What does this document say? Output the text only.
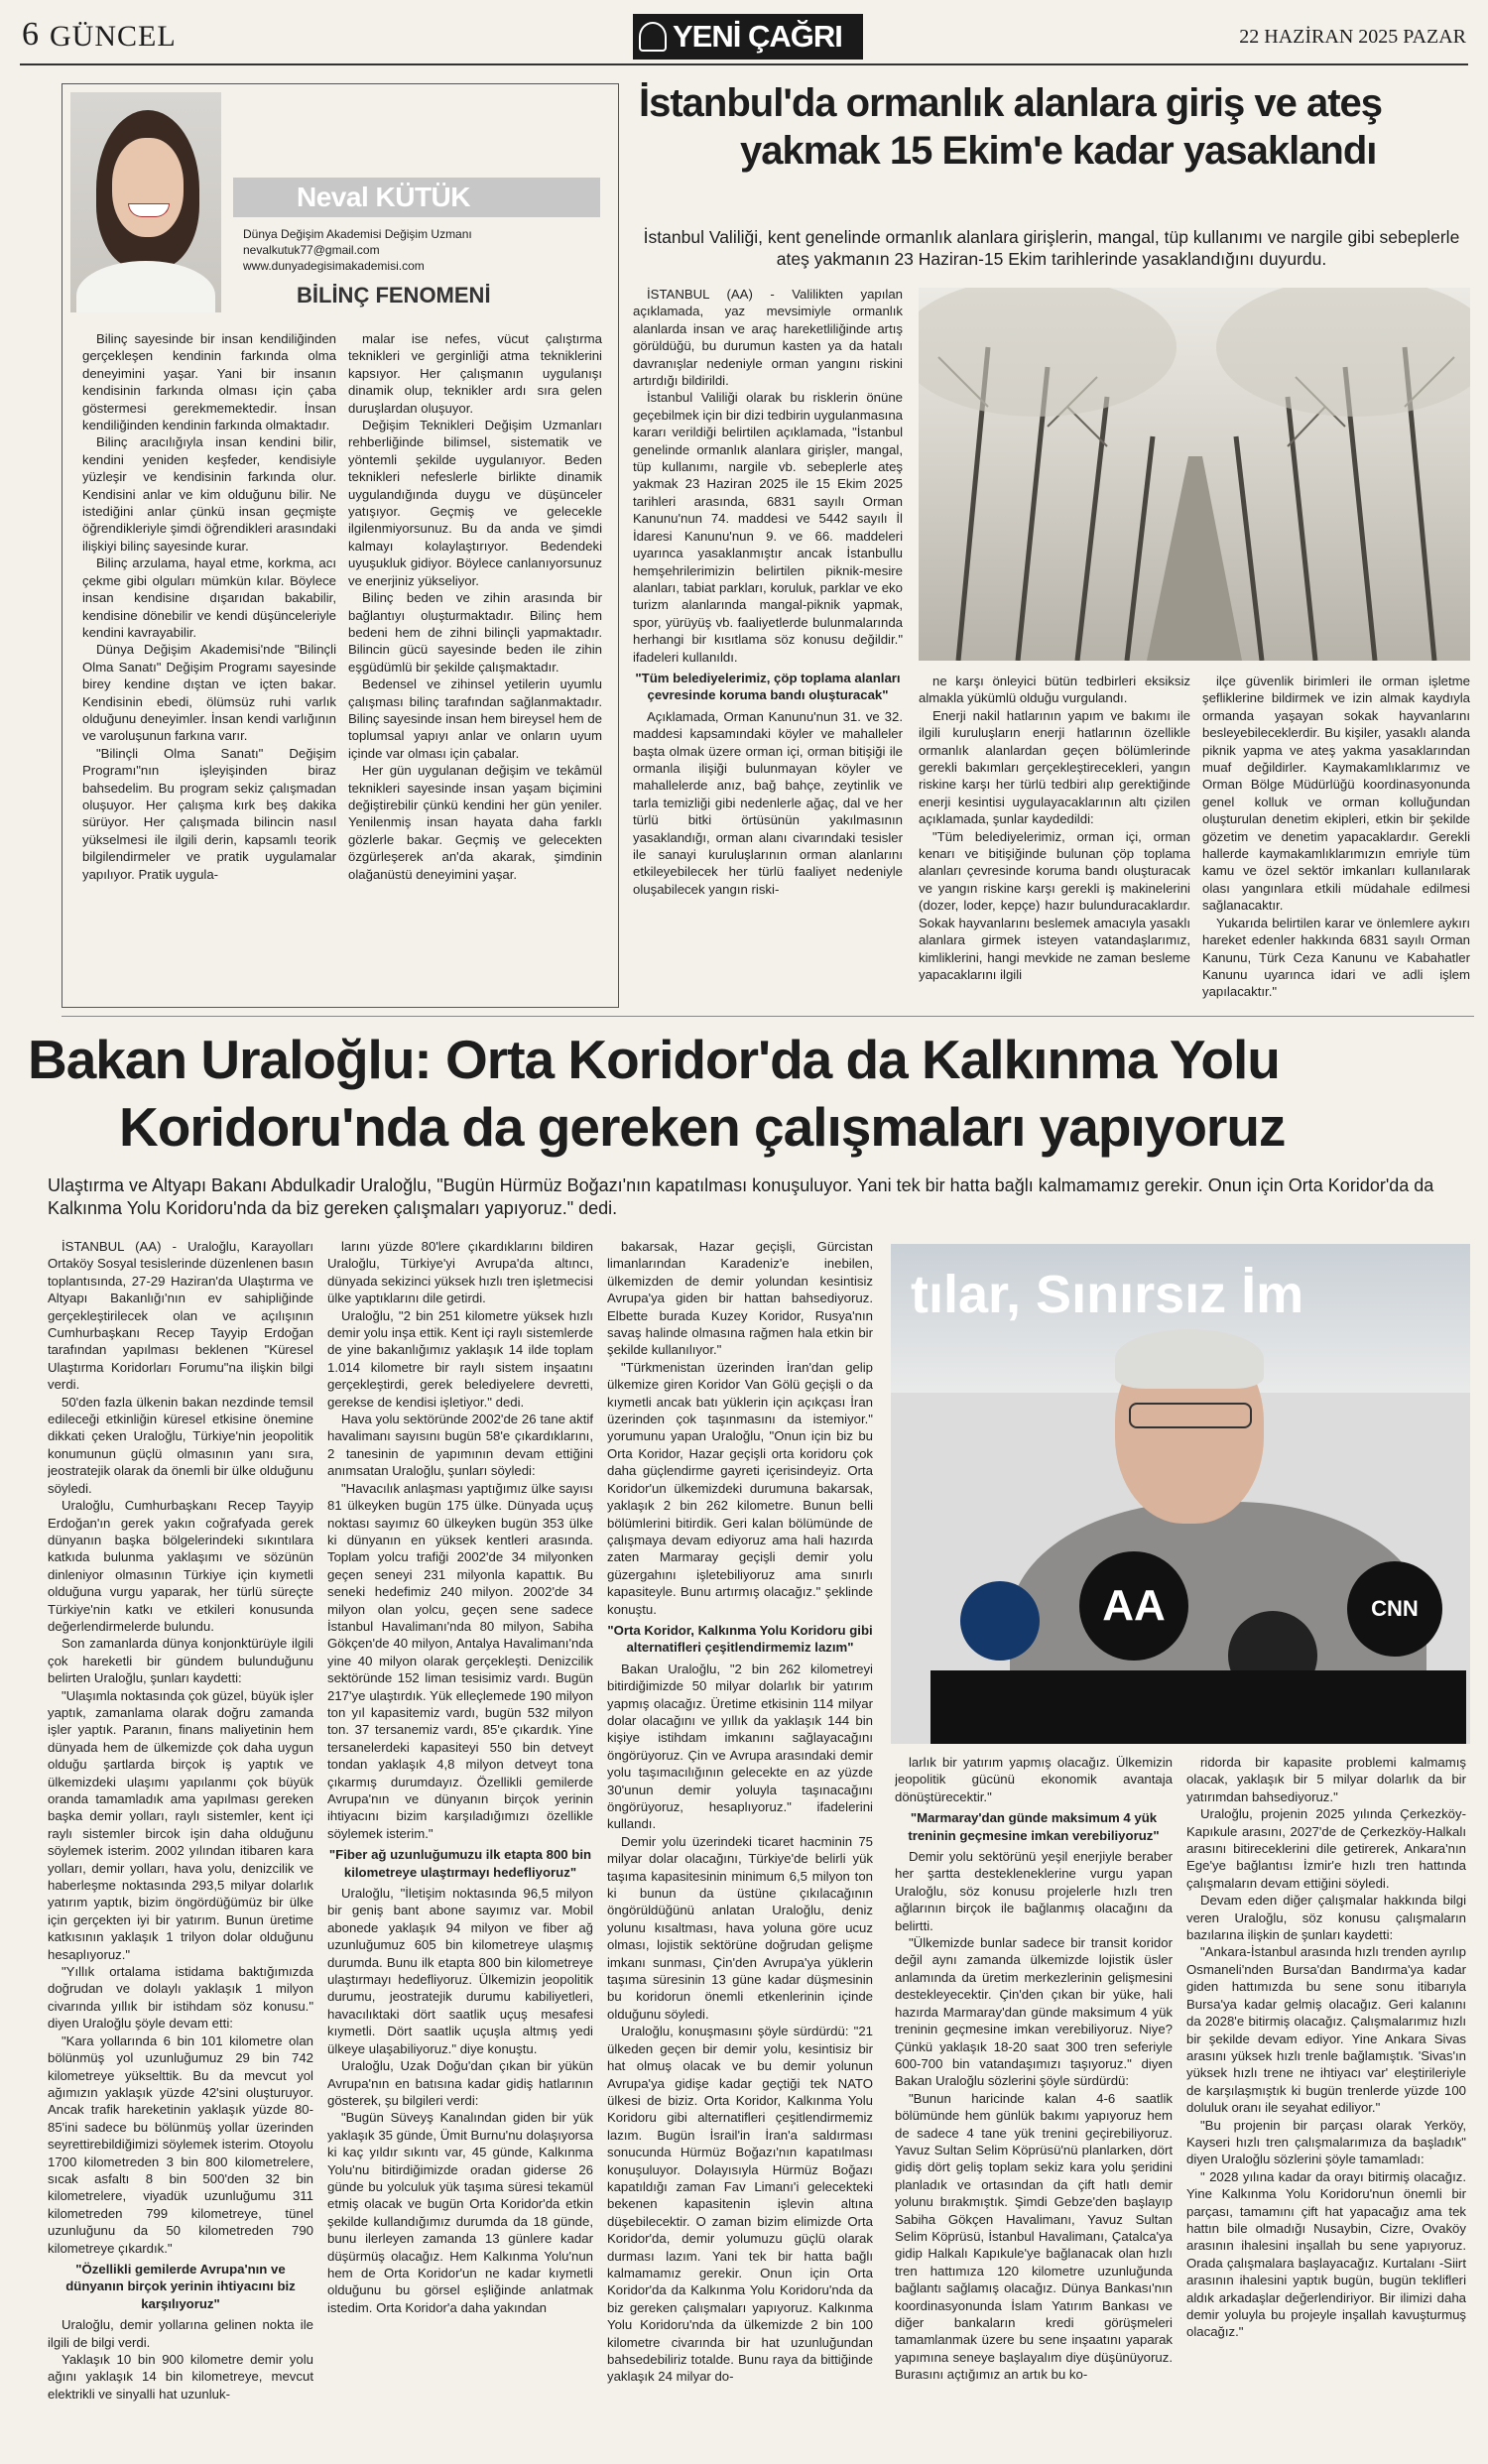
6 GÜNCEL	YENİ ÇAĞRI	22 HAZİRAN 2025 PAZAR
Neval KÜTÜK
Dünya Değişim Akademisi Değişim Uzmanı
nevalkutuk77@gmail.com
www.dunyadegisimakademisi.com
BİLİNÇ FENOMENİ

Bilinç sayesinde bir insan kendiliğinden gerçekleşen kendinin farkında olma deneyimini yaşar. Yani bir insanın kendisinin farkında olması için çaba göstermesi gerekmemektedir. İnsan kendiliğinden kendinin farkında olmaktadır.

Bilinç aracılığıyla insan kendini bilir, kendini yeniden keşfeder, kendisiyle yüzleşir ve kendisinin farkında olur. Kendisini anlar ve kim olduğunu bilir. Ne istediğini anlar çünkü insan geçmişte öğrendikleriyle şimdi öğrendikleri arasındaki ilişkiyi bilinç sayesinde kurar.

Bilinç arzulama, hayal etme, korkma, acı çekme gibi olguları mümkün kılar. Böylece insan kendisine dışarıdan bakabilir, kendisine dönebilir ve kendi düşünceleriyle kendini kavrayabilir.

Dünya Değişim Akademisi'nde "Bilinçli Olma Sanatı" Değişim Programı sayesinde birey kendine dıştan ve içten bakar. Kendisinin ebedi, ölümsüz ruhi varlık olduğunu deneyimler. İnsan kendi varlığının ve varoluşunun farkına varır.

"Bilinçli Olma Sanatı" Değişim Programı"nın işleyişinden biraz bahsedelim. Bu program sekiz çalışmadan oluşuyor. Her çalışma kırk beş dakika sürüyor. Her çalışmada bilincin nasıl yükselmesi ile ilgili derin, kapsamlı teorik bilgilendirmeler ve pratik uygulamalar yapılıyor. Pratik uygula-

malar ise nefes, vücut çalıştırma teknikleri ve gerginliği atma tekniklerini kapsıyor. Her çalışmanın uygulanışı dinamik olup, teknikler ardı sıra gelen duruşlardan oluşuyor.

Değişim Teknikleri Değişim Uzmanları rehberliğinde bilimsel, sistematik ve yöntemli şekilde uygulanıyor. Beden teknikleri nefeslerle birlikte dinamik uygulandığında duygu ve düşünceler yatışıyor. Geçmiş ve gelecekle ilgilenmiyorsunuz. Bu da anda ve şimdi kalmayı kolaylaştırıyor. Bedendeki uyuşukluk gidiyor. Böylece canlanıyorsunuz ve enerjiniz yükseliyor.

Bilinç beden ve zihin arasında bir bağlantıyı oluşturmaktadır. Bilinç hem bedeni hem de zihni bilinçli yapmaktadır. Bilincin gücü sayesinde beden ile zihin eşgüdümlü bir şekilde çalışmaktadır.

Bedensel ve zihinsel yetilerin uyumlu çalışması bilinç tarafından sağlanmaktadır. Bilinç sayesinde insan hem bireysel hem de toplumsal yapıyı anlar ve onların uyum içinde var olması için çabalar.

Her gün uygulanan değişim ve tekâmül teknikleri sayesinde insan yaşam biçimini değiştirebilir çünkü kendini her gün yeniler. Yenilenmiş insan hayata daha farklı gözlerle bakar. Geçmiş ve gelecekten özgürleşerek an'da akarak, şimdinin olağanüstü deneyimini yaşar.

İstanbul'da ormanlık alanlara giriş ve ateş
yakmak 15 Ekim'e kadar yasaklandı
İstanbul Valiliği, kent genelinde ormanlık alanlara girişlerin, mangal, tüp kullanımı ve nargile gibi sebeplerle ateş yakmanın 23 Haziran-15 Ekim tarihlerinde yasaklandığını duyurdu.

İSTANBUL (AA) - Valilikten yapılan açıklamada, yaz mevsimiyle ormanlık alanlarda insan ve araç hareketliliğinde artış görüldüğü, bu durumun kasten ya da hatalı davranışlar nedeniyle orman yangını riskini artırdığı bildirildi.

İstanbul Valiliği olarak bu risklerin önüne geçebilmek için bir dizi tedbirin uygulanmasına kararı verildiği belirtilen açıklamada, "İstanbul genelinde ormanlık alanlara girişler, mangal, tüp kullanımı, nargile vb. sebeplerle ateş yakmak 23 Haziran 2025 ile 15 Ekim 2025 tarihleri arasında, 6831 sayılı Orman Kanunu'nun 74. maddesi ve 5442 sayılı İl İdaresi Kanunu'nun 9. ve 66. maddeleri uyarınca yasaklanmıştır ancak İstanbullu hemşehrilerimizin belirtilen piknik-mesire alanları, tabiat parkları, koruluk, parklar ve eko turizm alanlarında mangal-piknik yapmak, spor, yürüyüş vb. faaliyetlerde bulunmalarında herhangi bir kısıtlama söz konusu değildir." ifadeleri kullanıldı.

"Tüm belediyelerimiz, çöp toplama alanları çevresinde koruma bandı oluşturacak"

Açıklamada, Orman Kanunu'nun 31. ve 32. maddesi kapsamındaki köyler ve mahalleler başta olmak üzere orman içi, orman bitişiği ile ormanla ilişiği bulunmayan köyler ve mahallelerde anız, bağ bahçe, zeytinlik ve tarla temizliği gibi nedenlerle ağaç, dal ve her türlü bitki örtüsünün yakılmasının yasaklandığı, orman alanı civarındaki tesisler ile sanayi kuruluşlarının orman alanlarını etkileyebilecek her türlü faaliyet nedeniyle oluşabilecek yangın riski-

ne karşı önleyici bütün tedbirleri eksiksiz almakla yükümlü olduğu vurgulandı.

Enerji nakil hatlarının yapım ve bakımı ile ilgili kuruluşların enerji hatlarının özellikle ormanlık alanlardan geçen bölümlerinde gerekli bakımları gerçekleştirecekleri, yangın riskine karşı her türlü tedbiri alıp gerektiğinde enerji kesintisi uygulayacaklarının altı çizilen açıklamada, şunlar kaydedildi:

"Tüm belediyelerimiz, orman içi, orman kenarı ve bitişiğinde bulunan çöp toplama alanları çevresinde koruma bandı oluşturacak ve yangın riskine karşı gerekli iş makinelerini (dozer, loder, kepçe) hazır bulunduracaklardır. Sokak hayvanlarını beslemek amacıyla yasaklı alanlara girmek isteyen vatandaşlarımız, kimliklerini, hangi mevkide ne zaman besleme yapacaklarını ilgili

ilçe güvenlik birimleri ile orman işletme şefliklerine bildirmek ve izin almak kaydıyla ormanda yaşayan sokak hayvanlarını besleyebileceklerdir. Bu kişiler, yasaklı alanda piknik yapma ve ateş yakma yasaklarından muaf değildirler. Kaymakamlıklarımız ve Orman Bölge Müdürlüğü koordinasyonunda genel kolluk ve orman kolluğundan oluşturulan denetim ekipleri, etkin bir şekilde gözetim ve denetim yapacaklardır. Gerekli hallerde kaymakamlıklarımızın emriyle tüm kamu ve özel sektör imkanları kullanılarak olası yangınlara etkili müdahale edilmesi sağlanacaktır.

Yukarıda belirtilen karar ve önlemlere aykırı hareket edenler hakkında 6831 sayılı Orman Kanunu, Türk Ceza Kanunu ve Kabahatler Kanunu uyarınca idari ve adli işlem yapılacaktır."

Bakan Uraloğlu: Orta Koridor'da da Kalkınma Yolu
Koridoru'nda da gereken çalışmaları yapıyoruz
Ulaştırma ve Altyapı Bakanı Abdulkadir Uraloğlu, "Bugün Hürmüz Boğazı'nın kapatılması konuşuluyor. Yani tek bir hatta bağlı kalmamamız gerekir. Onun için Orta Koridor'da da Kalkınma Yolu Koridoru'nda da biz gereken çalışmaları yapıyoruz." dedi.

İSTANBUL (AA) - Uraloğlu, Karayolları Ortaköy Sosyal tesislerinde düzenlenen basın toplantısında, 27-29 Haziran'da Ulaştırma ve Altyapı Bakanlığı'nın ev sahipliğinde gerçekleştirilecek olan ve açılışının Cumhurbaşkanı Recep Tayyip Erdoğan tarafından yapılması beklenen "Küresel Ulaştırma Koridorları Forumu"na ilişkin bilgi verdi.

50'den fazla ülkenin bakan nezdinde temsil edileceği etkinliğin küresel etkisine önemine dikkati çeken Uraloğlu, Türkiye'nin jeopolitik konumunun güçlü olmasının yanı sıra, jeostratejik olarak da önemli bir ülke olduğunu söyledi.

Uraloğlu, Cumhurbaşkanı Recep Tayyip Erdoğan'ın gerek yakın coğrafyada gerek dünyanın başka bölgelerindeki sıkıntılara katkıda bulunma yaklaşımı ve sözünün dinleniyor olmasının Türkiye için kıymetli olduğuna vurgu yaparak, her türlü süreçte Türkiye'nin katkı ve etkileri konusunda değerlendirmelerde bulundu.

Son zamanlarda dünya konjonktürüyle ilgili çok hareketli bir gündem bulunduğunu belirten Uraloğlu, şunları kaydetti:

"Ulaşımla noktasında çok güzel, büyük işler yaptık, zamanlama olarak doğru zamanda işler yaptık. Paranın, finans maliyetinin hem dünyada hem de ülkemizde çok daha uygun olduğu şartlarda birçok iş yaptık ve ülkemizdeki ulaşımı yapılanmı çok büyük oranda tamamladık ama yapılması gereken başka demir yolları, raylı sistemler, kent içi raylı sistemler bircok işin daha olduğunu söylemek isterim. 2002 yılından itibaren kara yolları, demir yolları, hava yolu, denizcilik ve haberleşme noktasında 293,5 milyar dolarlık yatırım yaptık, bizim öngördüğümüz bir ülke için gerçekten iyi bir yatırım. Bunun üretime katkısının yaklaşık 1 trilyon dolar olduğunu hesaplıyoruz."

"Yıllık ortalama istidama baktığımızda doğrudan ve dolaylı yaklaşık 1 milyon civarında yıllık bir istihdam söz konusu." diyen Uraloğlu şöyle devam etti:

"Kara yollarında 6 bin 101 kilometre olan bölünmüş yol uzunluğumuz 29 bin 742 kilometreye yükselttik. Bu da mevcut yol ağımızın yaklaşık yüzde 42'sini oluşturuyor. Ancak trafik hareketinin yaklaşık yüzde 80-85'ini sadece bu bölünmüş yollar üzerinden seyrettirebildiğimizi söylemek isterim. Otoyolu 1700 kilometreden 3 bin 800 kilometrelere, sıcak asfaltı 8 bin 500'den 32 bin kilometrelere, viyadük uzunluğumu 311 kilometreden 799 kilometreye, tünel uzunluğunu da 50 kilometreden 790 kilometreye çıkardık."

"Özellikli gemilerde Avrupa'nın ve dünyanın birçok yerinin ihtiyacını biz karşılıyoruz"

Uraloğlu, demir yollarına gelinen nokta ile ilgili de bilgi verdi.

Yaklaşık 10 bin 900 kilometre demir yolu ağını yaklaşık 14 bin kilometreye, mevcut elektrikli ve sinyalli hat uzunluk-

larını yüzde 80'lere çıkardıklarını bildiren Uraloğlu, Türkiye'yi Avrupa'da altıncı, dünyada sekizinci yüksek hızlı tren işletmecisi ülke yaptıklarını dile getirdi.

Uraloğlu, "2 bin 251 kilometre yüksek hızlı demir yolu inşa ettik. Kent içi raylı sistemlerde de yine bakanlığımız yaklaşık 14 ilde toplam 1.014 kilometre bir raylı sistem inşaatını gerçekleştirdi, gerek belediyelere devretti, gerekse de kendisi işletiyor." dedi.

Hava yolu sektöründe 2002'de 26 tane aktif havalimanı sayısını bugün 58'e çıkardıklarını, 2 tanesinin de yapımının devam ettiğini anımsatan Uraloğlu, şunları söyledi:

"Havacılık anlaşması yaptığımız ülke sayısı 81 ülkeyken bugün 175 ülke. Dünyada uçuş noktası sayımız 60 ülkeyken bugün 353 ülke ki dünyanın en yüksek kentleri arasında. Toplam yolcu trafiği 2002'de 34 milyonken geçen seneyi 231 milyonla kapattık. Bu seneki hedefimiz 240 milyon. 2002'de 34 milyon olan yolcu, geçen sene sadece İstanbul Havalimanı'nda 80 milyon, Sabiha Gökçen'de 40 milyon, Antalya Havalimanı'nda yine 40 milyon olarak gerçekleşti. Denizcilik sektöründe 152 liman tesisimiz vardı. Bugün 217'ye ulaştırdık. Yük elleçlemede 190 milyon ton yıl kapasitemiz vardı, bugün 532 milyon ton. 37 tersanemiz vardı, 85'e çıkardık. Yine tersanelerdeki kapasiteyi 550 bin detveyt tondan yaklaşık 4,8 milyon detveyt tona çıkarmış durumdayız. Özellikli gemilerde Avrupa'nın ve dünyanın birçok yerinin ihtiyacını bizim karşıladığımızı özellikle söylemek isterim."

"Fiber ağ uzunluğumuzu ilk etapta 800 bin kilometreye ulaştırmayı hedefliyoruz"

Uraloğlu, "İletişim noktasında 96,5 milyon bir geniş bant abone sayımız var. Mobil abonede yaklaşık 94 milyon ve fiber ağ uzunluğumuz 605 bin kilometreye ulaşmış durumda. Bunu ilk etapta 800 bin kilometreye ulaştırmayı hedefliyoruz. Ülkemizin jeopolitik durumu, jeostratejik durumu kabiliyetleri, havacılıktaki dört saatlik uçuş mesafesi kıymetli. Dört saatlik uçuşla altmış yedi ülkeye ulaşabiliyoruz." diye konuştu.

Uraloğlu, Uzak Doğu'dan çıkan bir yükün Avrupa'nın en batısına kadar gidiş hatlarının gösterek, şu bilgileri verdi:

"Bugün Süveyş Kanalından giden bir yük yaklaşık 35 günde, Ümit Burnu'nu dolaşıyorsa ki kaç yıldır sıkıntı var, 45 günde, Kalkınma Yolu'nu bitirdiğimizde oradan giderse 26 günde bu yolculuk yük taşıma süresi tekamül etmiş olacak ve bugün Orta Koridor'da etkin şekilde kullandığımız durumda da 18 günde, bunu ilerleyen zamanda 13 günlere kadar düşürmüş olacağız. Hem Kalkınma Yolu'nun hem de Orta Koridor'un ne kadar kıymetli olduğunu bu görsel eşliğinde anlatmak istedim. Orta Koridor'a daha yakından

bakarsak, Hazar geçişli, Gürcistan limanlarından Karadeniz'e inebilen, ülkemizden de demir yolundan kesintisiz Avrupa'ya giden bir hattan bahsediyoruz. Elbette burada Kuzey Koridor, Rusya'nın savaş halinde olmasına rağmen hala etkin bir şekilde kullanılıyor."

"Türkmenistan üzerinden İran'dan gelip ülkemize giren Koridor Van Gölü geçişli o da kıymetli ancak batı yüklerin için açıkçası İran üzerinden çok taşınmasını da istemiyor." yorumunu yapan Uraloğlu, "Onun için biz bu Orta Koridor, Hazar geçişli orta koridoru çok daha güçlendirme gayreti içerisindeyiz. Orta Koridor'un ülkemizdeki durumuna bakarsak, yaklaşık 2 bin 262 kilometre. Bunun belli bölümlerini bitirdik. Geri kalan bölümünde de çalışmaya devam ediyoruz ama hali hazırda zaten Marmaray geçişli demir yolu güzergahını işletebiliyoruz ama sınırlı kapasiteyle. Bunu artırmış olacağız." şeklinde konuştu.

"Orta Koridor, Kalkınma Yolu Koridoru gibi alternatifleri çeşitlendirmemiz lazım"

Bakan Uraloğlu, "2 bin 262 kilometreyi bitirdiğimizde 50 milyar dolarlık bir yatırım yapmış olacağız. Üretime etkisinin 114 milyar dolar olacağını ve yıllık da yaklaşık 144 bin kişiye istihdam imkanını sağlayacağını öngörüyoruz. Çin ve Avrupa arasındaki demir yolu taşımacılığının gelecekte en az yüzde 30'unun demir yoluyla taşınacağını öngörüyoruz, hesaplıyoruz." ifadelerini kullandı.

Demir yolu üzerindeki ticaret hacminin 75 milyar dolar olacağını, Türkiye'de belirli yük taşıma kapasitesinin minimum 6,5 milyon ton ki bunun da üstüne çıkılacağının öngörüldüğünü anlatan Uraloğlu, deniz yolunu kısaltması, hava yoluna göre ucuz olması, lojistik sektörüne doğrudan gelişme imkanı sunması, Çin'den Avrupa'ya yüklerin taşıma süresinin 13 güne kadar düşmesinin bu koridorun önemli etkenlerinin içinde olduğunu söyledi.

Uraloğlu, konuşmasını şöyle sürdürdü: "21 ülkeden geçen bir demir yolu, kesintisiz bir hat olmuş olacak ve bu demir yolunun Avrupa'ya gidişe kadar geçtiği tek NATO ülkesi de biziz. Orta Koridor, Kalkınma Yolu Koridoru gibi alternatifleri çeşitlendirmemiz lazım. Bugün İsrail'in İran'a saldırması sonucunda Hürmüz Boğazı'nın kapatılması konuşuluyor. Dolayısıyla Hürmüz Boğazı kapatıldığı zaman Fav Limanı'i gelecekteki bekenen kapasitenin işlevin altına düşebilecektir. O zaman bizim elimizde Orta Koridor'da, demir yolumuzu güçlü olarak durması lazım. Yani tek bir hatta bağlı kalmamamız gerekir. Onun için Orta Koridor'da da Kalkınma Yolu Koridoru'nda da biz gereken çalışmaları yapıyoruz. Kalkınma Yolu Koridoru'nda da ülkemizde 2 bin 100 kilometre civarında bir hat uzunluğundan bahsedebiliriz totalde. Bunu raya da bittiğinde yaklaşık 24 milyar do-

tılar, Sınırsız İm
AA	CNN

larlık bir yatırım yapmış olacağız. Ülkemizin jeopolitik gücünü ekonomik avantaja dönüştürecektir."

"Marmaray'dan günde maksimum 4 yük treninin geçmesine imkan verebiliyoruz"

Demir yolu sektörünü yeşil enerjiyle beraber her şartta destekleneklerine vurgu yapan Uraloğlu, söz konusu projelerle hızlı tren ağlarının birçok ile bağlanmış olacağını da belirtti.

"Ülkemizde bunlar sadece bir transit koridor değil aynı zamanda ülkemizde lojistik üsler anlamında da üretim merkezlerinin gelişmesini destekleyecektir. Çin'den çıkan bir yüke, hali hazırda Marmaray'dan günde maksimum 4 yük treninin geçmesine imkan verebiliyoruz. Niye? Çünkü yaklaşık 18-20 saat 300 tren seferiyle 600-700 bin vatandaşımızı taşıyoruz." diyen Bakan Uraloğlu sözlerini şöyle sürdürdü:

"Bunun haricinde kalan 4-6 saatlik bölümünde hem günlük bakımı yapıyoruz hem de sadece 4 tane yük trenini geçirebiliyoruz. Yavuz Sultan Selim Köprüsü'nü planlarken, dört gidiş dört geliş toplam sekiz kara yolu şeridini planladık ve ortasından da çift hatlı demir yolunu bırakmıştık. Şimdi Gebze'den başlayıp Sabiha Gökçen Havalimanı, Yavuz Sultan Selim Köprüsü, İstanbul Havalimanı, Çatalca'ya gidip Halkalı Kapıkule'ye bağlanacak olan hızlı tren hattımıza 120 kilometre uzunluğunda bağlantı sağlamış olacağız. Dünya Bankası'nın koordinasyonunda İslam Yatırım Bankası ve diğer bankaların kredi görüşmeleri tamamlanmak üzere bu sene inşaatını yaparak yapımına seneye başlayalım diye düşünüyoruz. Burasını açtığımız an artık bu ko-

ridorda bir kapasite problemi kalmamış olacak, yaklaşık bir 5 milyar dolarlık da bir yatırımdan bahsediyoruz."

Uraloğlu, projenin 2025 yılında Çerkezköy-Kapıkule arasını, 2027'de de Çerkezköy-Halkalı arasını bitireceklerini dile getirerek, Ankara'nın Ege'ye bağlantısı İzmir'e hızlı tren hattında çalışmaların devam ettiğini söyledi.

Devam eden diğer çalışmalar hakkında bilgi veren Uraloğlu, söz konusu çalışmaların bazılarına ilişkin de şunları kaydetti:

"Ankara-İstanbul arasında hızlı trenden ayrılıp Osmaneli'nden Bursa'dan Bandırma'ya kadar giden hattımızda bu sene sonu itibarıyla Bursa'ya kadar gelmiş olacağız. Geri kalanını da 2028'e bitirmiş olacağız. Çalışmalarımız hızlı bir şekilde devam ediyor. Yine Ankara Sivas arasını yüksek hızlı trenle bağlamıştık. 'Sivas'ın yüksek hızlı trene ne ihtiyacı var' eleştirileriyle de karşılaşmıştık ki bugün trenlerde yüzde 100 doluluk oranı ile seyahat ediliyor."

"Bu projenin bir parçası olarak Yerköy, Kayseri hızlı tren çalışmalarımıza da başladık" diyen Uraloğlu sözlerini şöyle tamamladı:

" 2028 yılına kadar da orayı bitirmiş olacağız. Yine Kalkınma Yolu Koridoru'nun önemli bir parçası, tamamını çift hat yapacağız ama tek hattın bile olmadığı Nusaybin, Cizre, Ovaköy arasının ihalesini inşallah bu sene yapıyoruz. Orada çalışmalara başlayacağız. Kurtalanı -Siirt arasının ihalesini yaptık bugün, bugün teklifleri aldık arkadaşlar değerlendiriyor. Bir ilimizi daha demir yoluyla bu projeyle inşallah kavuşturmuş olacağız."
